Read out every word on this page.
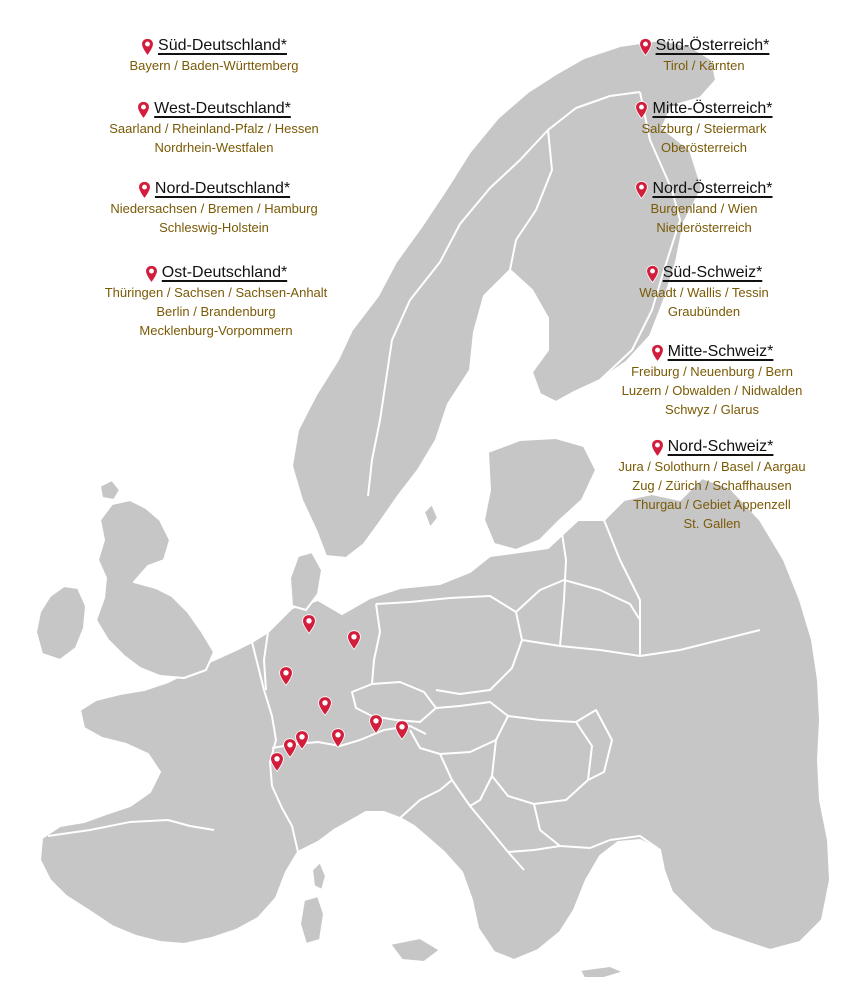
Süd-Deutschland*
Bayern / Baden-Württemberg
West-Deutschland*
Saarland / Rheinland-Pfalz / Hessen
Nordrhein-Westfalen
Nord-Deutschland*
Niedersachsen / Bremen / Hamburg
Schleswig-Holstein
Ost-Deutschland*
Thüringen / Sachsen / Sachsen-Anhalt
Berlin / Brandenburg
Mecklenburg-Vorpommern
Süd-Österreich*
Tirol / Kärnten
Mitte-Österreich*
Salzburg / Steiermark
Oberösterreich
Nord-Österreich*
Burgenland / Wien
Niederösterreich
Süd-Schweiz*
Waadt / Wallis / Tessin
Graubünden
Mitte-Schweiz*
Freiburg / Neuenburg / Bern
Luzern / Obwalden / Nidwalden
Schwyz / Glarus
Nord-Schweiz*
Jura / Solothurn / Basel / Aargau
Zug / Zürich / Schaffhausen
Thurgau / Gebiet Appenzell
St. Gallen
